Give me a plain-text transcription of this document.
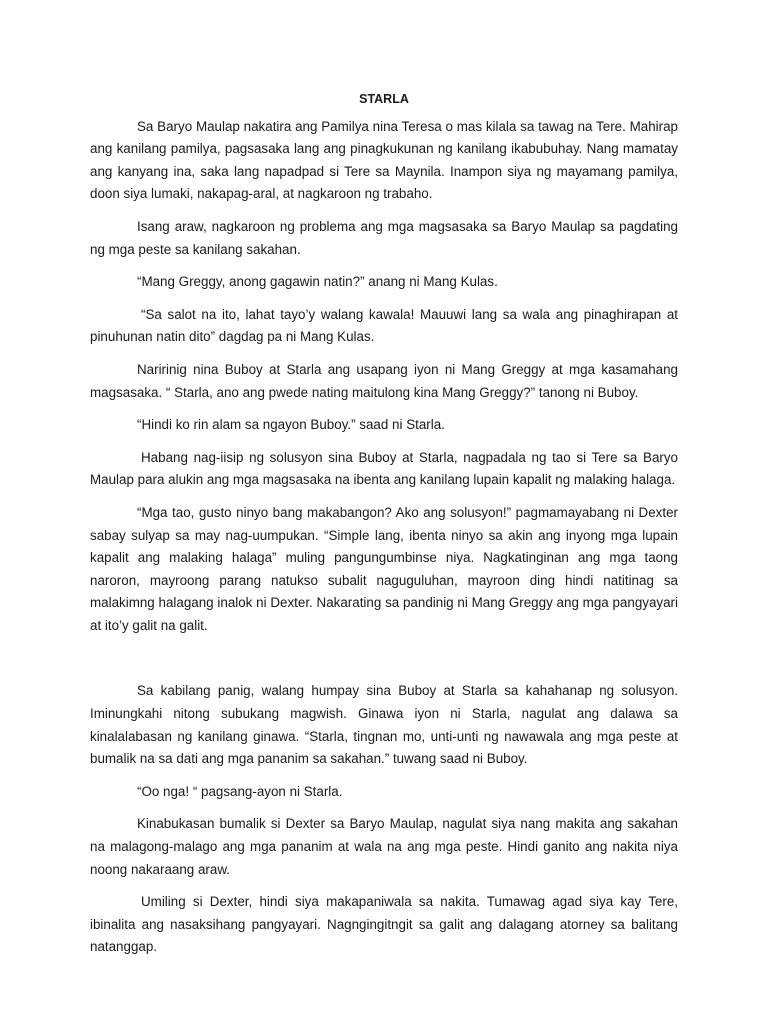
STARLA

Sa Baryo Maulap nakatira ang Pamilya nina Teresa o mas kilala sa tawag na Tere. Mahirap ang kanilang pamilya, pagsasaka lang ang pinagkukunan ng kanilang ikabubuhay. Nang mamatay ang kanyang ina, saka lang napadpad si Tere sa Maynila. Inampon siya ng mayamang pamilya, doon siya lumaki, nakapag-aral, at nagkaroon ng trabaho.

Isang araw, nagkaroon ng problema ang mga magsasaka sa Baryo Maulap sa pagdating ng mga peste sa kanilang sakahan.

“Mang Greggy, anong gagawin natin?” anang ni Mang Kulas.

“Sa salot na ito, lahat tayo’y walang kawala! Mauuwi lang sa wala ang pinaghirapan at pinuhunan natin dito” dagdag pa ni Mang Kulas.

Naririnig nina Buboy at Starla ang usapang iyon ni Mang Greggy at mga kasamahang magsasaka. “ Starla, ano ang pwede nating maitulong kina Mang Greggy?” tanong ni Buboy.

“Hindi ko rin alam sa ngayon Buboy.” saad ni Starla.

Habang nag-iisip ng solusyon sina Buboy at Starla, nagpadala ng tao si Tere sa Baryo Maulap para alukin ang mga magsasaka na ibenta ang kanilang lupain kapalit ng malaking halaga.

“Mga tao, gusto ninyo bang makabangon? Ako ang solusyon!” pagmamayabang ni Dexter sabay sulyap sa may nag-uumpukan. “Simple lang, ibenta ninyo sa akin ang inyong mga lupain kapalit ang malaking halaga” muling pangungumbinse niya. Nagkatinginan ang mga taong naroron, mayroong parang natukso subalit naguguluhan, mayroon ding hindi natitinag sa malakimng halagang inalok ni Dexter. Nakarating sa pandinig ni Mang Greggy ang mga pangyayari at ito’y galit na galit.

Sa kabilang panig, walang humpay sina Buboy at Starla sa kahahanap ng solusyon. Iminungkahi nitong subukang magwish. Ginawa iyon ni Starla, nagulat ang dalawa sa kinalalabasan ng kanilang ginawa. “Starla, tingnan mo, unti-unti ng nawawala ang mga peste at bumalik na sa dati ang mga pananim sa sakahan.” tuwang saad ni Buboy.

“Oo nga! “ pagsang-ayon ni Starla.

Kinabukasan bumalik si Dexter sa Baryo Maulap, nagulat siya nang makita ang sakahan na malagong-malago ang mga pananim at wala na ang mga peste. Hindi ganito ang nakita niya noong nakaraang araw.

Umiling si Dexter, hindi siya makapaniwala sa nakita. Tumawag agad siya kay Tere, ibinalita ang nasaksihang pangyayari. Nagngingitngit sa galit ang dalagang atorney sa balitang natanggap.
